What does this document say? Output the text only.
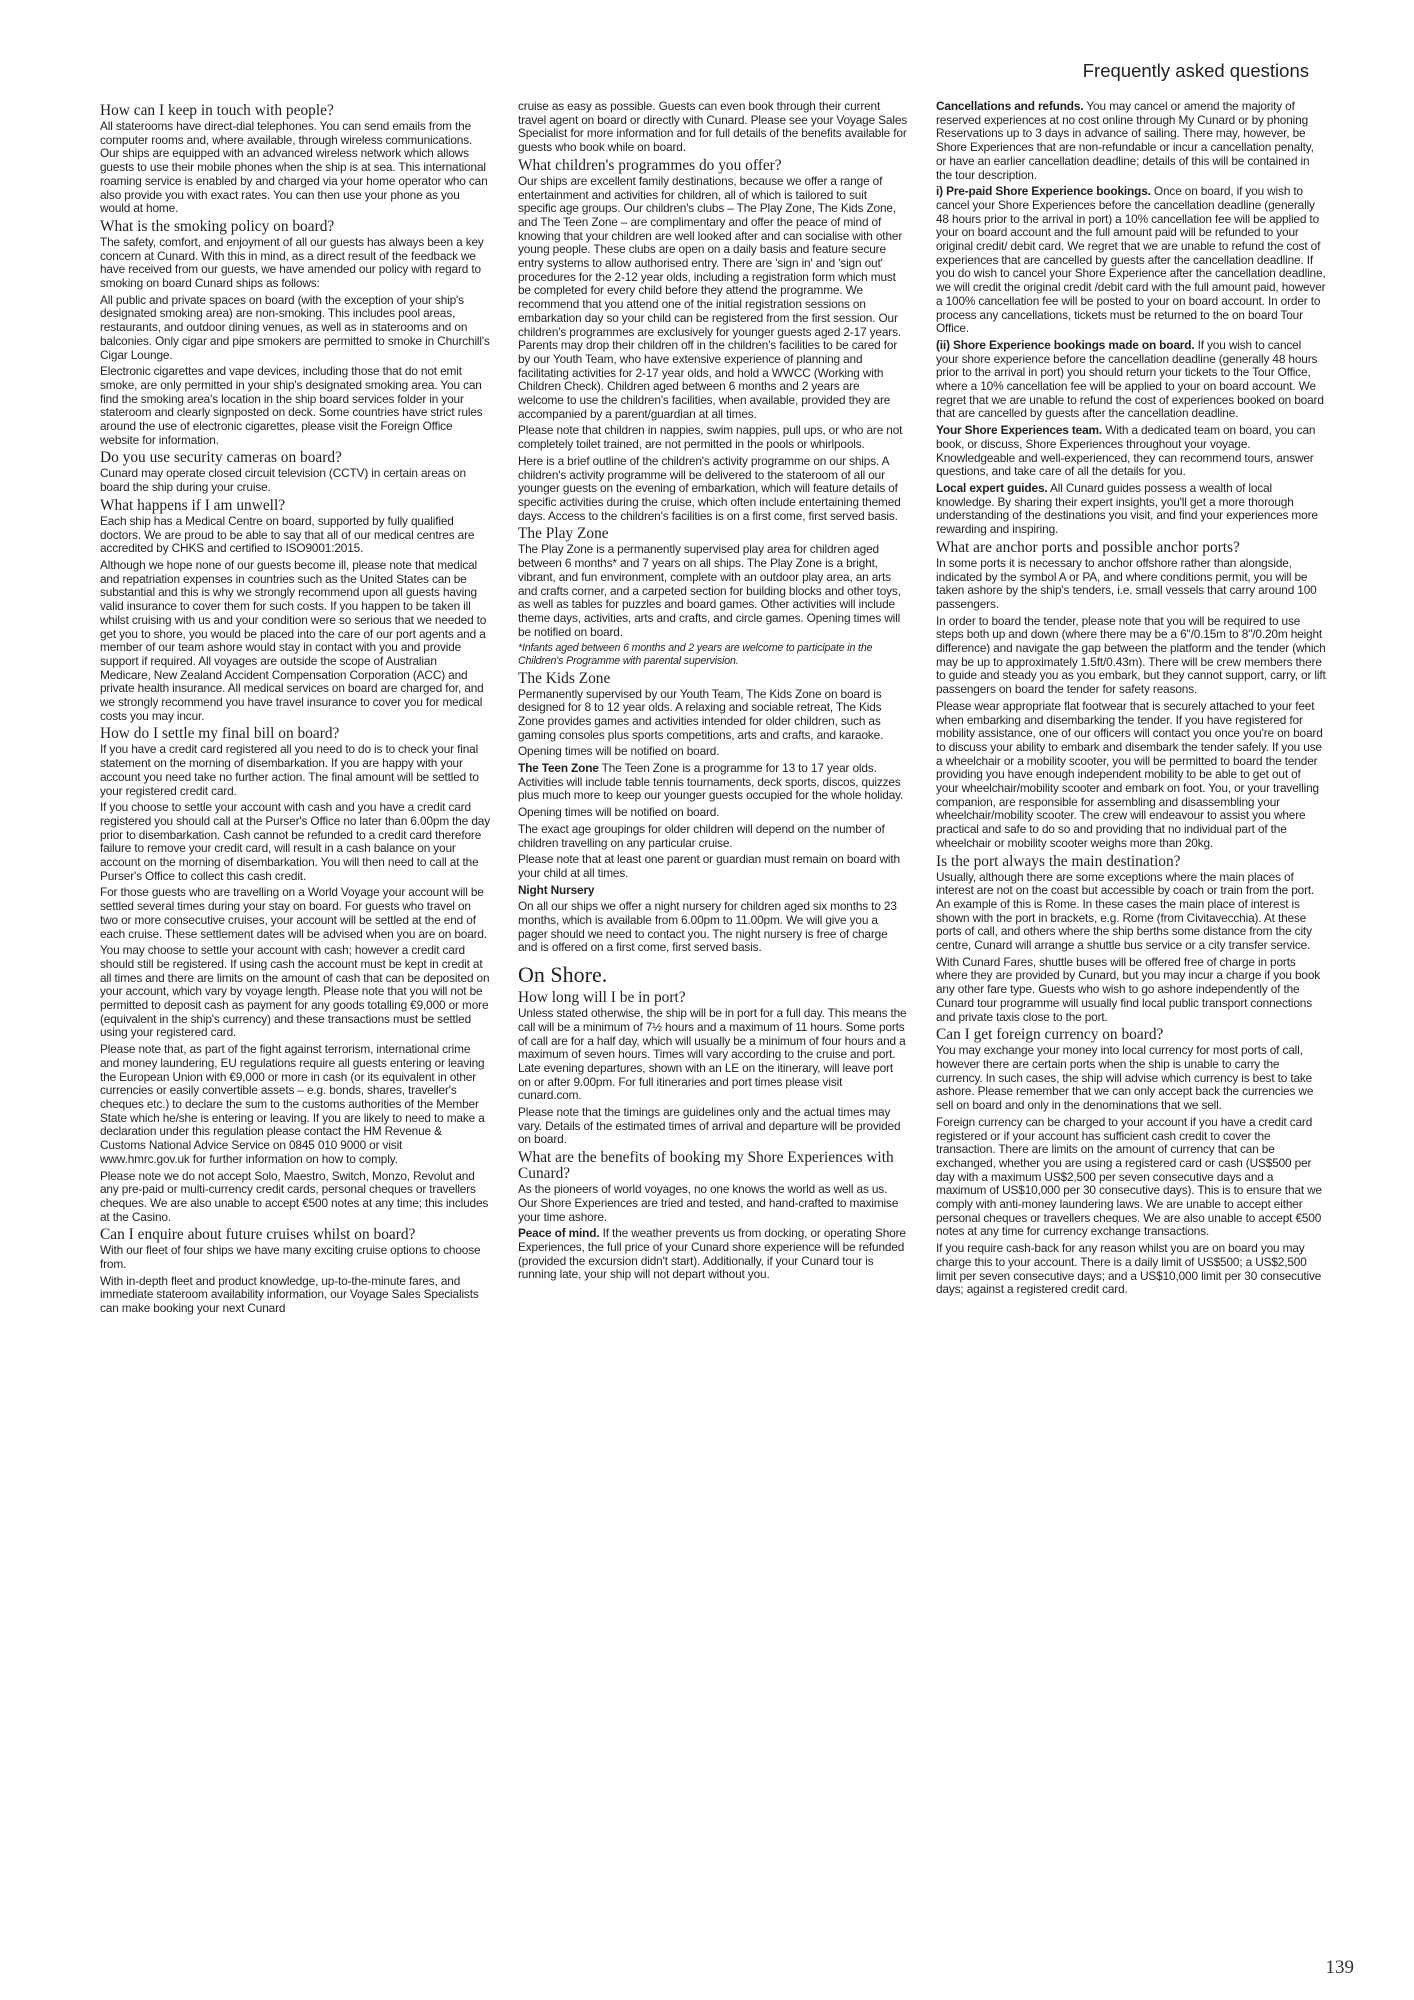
Frequently asked questions
How can I keep in touch with people?

All staterooms have direct-dial telephones. You can send emails from the computer rooms and, where available, through wireless communications. Our ships are equipped with an advanced wireless network which allows guests to use their mobile phones when the ship is at sea. This international roaming service is enabled by and charged via your home operator who can also provide you with exact rates. You can then use your phone as you would at home.

What is the smoking policy on board?

The safety, comfort, and enjoyment of all our guests has always been a key concern at Cunard. With this in mind, as a direct result of the feedback we have received from our guests, we have amended our policy with regard to smoking on board Cunard ships as follows:

All public and private spaces on board (with the exception of your ship's designated smoking area) are non-smoking. This includes pool areas, restaurants, and outdoor dining venues, as well as in staterooms and on balconies. Only cigar and pipe smokers are permitted to smoke in Churchill's Cigar Lounge.

Electronic cigarettes and vape devices, including those that do not emit smoke, are only permitted in your ship's designated smoking area. You can find the smoking area's location in the ship board services folder in your stateroom and clearly signposted on deck. Some countries have strict rules around the use of electronic cigarettes, please visit the Foreign Office website for information.

Do you use security cameras on board?

Cunard may operate closed circuit television (CCTV) in certain areas on board the ship during your cruise.

What happens if I am unwell?

Each ship has a Medical Centre on board, supported by fully qualified doctors. We are proud to be able to say that all of our medical centres are accredited by CHKS and certified to ISO9001:2015.

Although we hope none of our guests become ill, please note that medical and repatriation expenses in countries such as the United States can be substantial and this is why we strongly recommend upon all guests having valid insurance to cover them for such costs. If you happen to be taken ill whilst cruising with us and your condition were so serious that we needed to get you to shore, you would be placed into the care of our port agents and a member of our team ashore would stay in contact with you and provide support if required. All voyages are outside the scope of Australian Medicare, New Zealand Accident Compensation Corporation (ACC) and private health insurance. All medical services on board are charged for, and we strongly recommend you have travel insurance to cover you for medical costs you may incur.

How do I settle my final bill on board?

If you have a credit card registered all you need to do is to check your final statement on the morning of disembarkation. If you are happy with your account you need take no further action. The final amount will be settled to your registered credit card.

If you choose to settle your account with cash and you have a credit card registered you should call at the Purser's Office no later than 6.00pm the day prior to disembarkation. Cash cannot be refunded to a credit card therefore failure to remove your credit card, will result in a cash balance on your account on the morning of disembarkation. You will then need to call at the Purser's Office to collect this cash credit.

For those guests who are travelling on a World Voyage your account will be settled several times during your stay on board. For guests who travel on two or more consecutive cruises, your account will be settled at the end of each cruise. These settlement dates will be advised when you are on board.

You may choose to settle your account with cash; however a credit card should still be registered. If using cash the account must be kept in credit at all times and there are limits on the amount of cash that can be deposited on your account, which vary by voyage length. Please note that you will not be permitted to deposit cash as payment for any goods totalling €9,000 or more (equivalent in the ship's currency) and these transactions must be settled using your registered card.

Please note that, as part of the fight against terrorism, international crime and money laundering, EU regulations require all guests entering or leaving the European Union with €9,000 or more in cash (or its equivalent in other currencies or easily convertible assets – e.g. bonds, shares, traveller's cheques etc.) to declare the sum to the customs authorities of the Member State which he/she is entering or leaving. If you are likely to need to make a declaration under this regulation please contact the HM Revenue & Customs National Advice Service on 0845 010 9000 or visit www.hmrc.gov.uk for further information on how to comply.

Please note we do not accept Solo, Maestro, Switch, Monzo, Revolut and any pre-paid or multi-currency credit cards, personal cheques or travellers cheques. We are also unable to accept €500 notes at any time; this includes at the Casino.

Can I enquire about future cruises whilst on board?

With our fleet of four ships we have many exciting cruise options to choose from.

With in-depth fleet and product knowledge, up-to-the-minute fares, and immediate stateroom availability information, our Voyage Sales Specialists can make booking your next Cunard

cruise as easy as possible. Guests can even book through their current travel agent on board or directly with Cunard. Please see your Voyage Sales Specialist for more information and for full details of the benefits available for guests who book while on board.

What children's programmes do you offer?

Our ships are excellent family destinations, because we offer a range of entertainment and activities for children, all of which is tailored to suit specific age groups. Our children's clubs – The Play Zone, The Kids Zone, and The Teen Zone – are complimentary and offer the peace of mind of knowing that your children are well looked after and can socialise with other young people. These clubs are open on a daily basis and feature secure entry systems to allow authorised entry. There are 'sign in' and 'sign out' procedures for the 2-12 year olds, including a registration form which must be completed for every child before they attend the programme. We recommend that you attend one of the initial registration sessions on embarkation day so your child can be registered from the first session. Our children's programmes are exclusively for younger guests aged 2-17 years. Parents may drop their children off in the children's facilities to be cared for by our Youth Team, who have extensive experience of planning and facilitating activities for 2-17 year olds, and hold a WWCC (Working with Children Check). Children aged between 6 months and 2 years are welcome to use the children's facilities, when available, provided they are accompanied by a parent/guardian at all times.

Please note that children in nappies, swim nappies, pull ups, or who are not completely toilet trained, are not permitted in the pools or whirlpools.

Here is a brief outline of the children's activity programme on our ships. A children's activity programme will be delivered to the stateroom of all our younger guests on the evening of embarkation, which will feature details of specific activities during the cruise, which often include entertaining themed days. Access to the children's facilities is on a first come, first served basis.

The Play Zone

The Play Zone is a permanently supervised play area for children aged between 6 months* and 7 years on all ships. The Play Zone is a bright, vibrant, and fun environment, complete with an outdoor play area, an arts and crafts corner, and a carpeted section for building blocks and other toys, as well as tables for puzzles and board games. Other activities will include theme days, activities, arts and crafts, and circle games. Opening times will be notified on board.

*Infants aged between 6 months and 2 years are welcome to participate in the Children's Programme with parental supervision.

The Kids Zone

Permanently supervised by our Youth Team, The Kids Zone on board is designed for 8 to 12 year olds. A relaxing and sociable retreat, The Kids Zone provides games and activities intended for older children, such as gaming consoles plus sports competitions, arts and crafts, and karaoke.

Opening times will be notified on board.

The Teen Zone The Teen Zone is a programme for 13 to 17 year olds. Activities will include table tennis tournaments, deck sports, discos, quizzes plus much more to keep our younger guests occupied for the whole holiday.

Opening times will be notified on board.

The exact age groupings for older children will depend on the number of children travelling on any particular cruise.

Please note that at least one parent or guardian must remain on board with your child at all times.

Night Nursery

On all our ships we offer a night nursery for children aged six months to 23 months, which is available from 6.00pm to 11.00pm. We will give you a pager should we need to contact you. The night nursery is free of charge and is offered on a first come, first served basis.

On Shore.
How long will I be in port?

Unless stated otherwise, the ship will be in port for a full day. This means the call will be a minimum of 7½ hours and a maximum of 11 hours. Some ports of call are for a half day, which will usually be a minimum of four hours and a maximum of seven hours. Times will vary according to the cruise and port. Late evening departures, shown with an LE on the itinerary, will leave port on or after 9.00pm. For full itineraries and port times please visit cunard.com.

Please note that the timings are guidelines only and the actual times may vary. Details of the estimated times of arrival and departure will be provided on board.

What are the benefits of booking my Shore Experiences with Cunard?

As the pioneers of world voyages, no one knows the world as well as us. Our Shore Experiences are tried and tested, and hand-crafted to maximise your time ashore.

Peace of mind. If the weather prevents us from docking, or operating Shore Experiences, the full price of your Cunard shore experience will be refunded (provided the excursion didn't start). Additionally, if your Cunard tour is running late, your ship will not depart without you.

Cancellations and refunds. You may cancel or amend the majority of reserved experiences at no cost online through My Cunard or by phoning Reservations up to 3 days in advance of sailing. There may, however, be Shore Experiences that are non-refundable or incur a cancellation penalty, or have an earlier cancellation deadline; details of this will be contained in the tour description.

i) Pre-paid Shore Experience bookings. Once on board, if you wish to cancel your Shore Experiences before the cancellation deadline (generally 48 hours prior to the arrival in port) a 10% cancellation fee will be applied to your on board account and the full amount paid will be refunded to your original credit/ debit card. We regret that we are unable to refund the cost of experiences that are cancelled by guests after the cancellation deadline. If you do wish to cancel your Shore Experience after the cancellation deadline, we will credit the original credit /debit card with the full amount paid, however a 100% cancellation fee will be posted to your on board account. In order to process any cancellations, tickets must be returned to the on board Tour Office.

(ii) Shore Experience bookings made on board. If you wish to cancel your shore experience before the cancellation deadline (generally 48 hours prior to the arrival in port) you should return your tickets to the Tour Office, where a 10% cancellation fee will be applied to your on board account. We regret that we are unable to refund the cost of experiences booked on board that are cancelled by guests after the cancellation deadline.

Your Shore Experiences team. With a dedicated team on board, you can book, or discuss, Shore Experiences throughout your voyage. Knowledgeable and well-experienced, they can recommend tours, answer questions, and take care of all the details for you.

Local expert guides. All Cunard guides possess a wealth of local knowledge. By sharing their expert insights, you'll get a more thorough understanding of the destinations you visit, and find your experiences more rewarding and inspiring.

What are anchor ports and possible anchor ports?

In some ports it is necessary to anchor offshore rather than alongside, indicated by the symbol A or PA, and where conditions permit, you will be taken ashore by the ship's tenders, i.e. small vessels that carry around 100 passengers.

In order to board the tender, please note that you will be required to use steps both up and down (where there may be a 6"/0.15m to 8"/0.20m height difference) and navigate the gap between the platform and the tender (which may be up to approximately 1.5ft/0.43m). There will be crew members there to guide and steady you as you embark, but they cannot support, carry, or lift passengers on board the tender for safety reasons.

Please wear appropriate flat footwear that is securely attached to your feet when embarking and disembarking the tender. If you have registered for mobility assistance, one of our officers will contact you once you're on board to discuss your ability to embark and disembark the tender safely. If you use a wheelchair or a mobility scooter, you will be permitted to board the tender providing you have enough independent mobility to be able to get out of your wheelchair/mobility scooter and embark on foot. You, or your travelling companion, are responsible for assembling and disassembling your wheelchair/mobility scooter. The crew will endeavour to assist you where practical and safe to do so and providing that no individual part of the wheelchair or mobility scooter weighs more than 20kg.

Is the port always the main destination?

Usually, although there are some exceptions where the main places of interest are not on the coast but accessible by coach or train from the port. An example of this is Rome. In these cases the main place of interest is shown with the port in brackets, e.g. Rome (from Civitavecchia). At these ports of call, and others where the ship berths some distance from the city centre, Cunard will arrange a shuttle bus service or a city transfer service.

With Cunard Fares, shuttle buses will be offered free of charge in ports where they are provided by Cunard, but you may incur a charge if you book any other fare type. Guests who wish to go ashore independently of the Cunard tour programme will usually find local public transport connections and private taxis close to the port.

Can I get foreign currency on board?

You may exchange your money into local currency for most ports of call, however there are certain ports when the ship is unable to carry the currency. In such cases, the ship will advise which currency is best to take ashore. Please remember that we can only accept back the currencies we sell on board and only in the denominations that we sell.

Foreign currency can be charged to your account if you have a credit card registered or if your account has sufficient cash credit to cover the transaction. There are limits on the amount of currency that can be exchanged, whether you are using a registered card or cash (US$500 per day with a maximum US$2,500 per seven consecutive days and a maximum of US$10,000 per 30 consecutive days). This is to ensure that we comply with anti-money laundering laws. We are unable to accept either personal cheques or travellers cheques. We are also unable to accept €500 notes at any time for currency exchange transactions.

If you require cash-back for any reason whilst you are on board you may charge this to your account. There is a daily limit of US$500; a US$2,500 limit per seven consecutive days; and a US$10,000 limit per 30 consecutive days; against a registered credit card.

139
